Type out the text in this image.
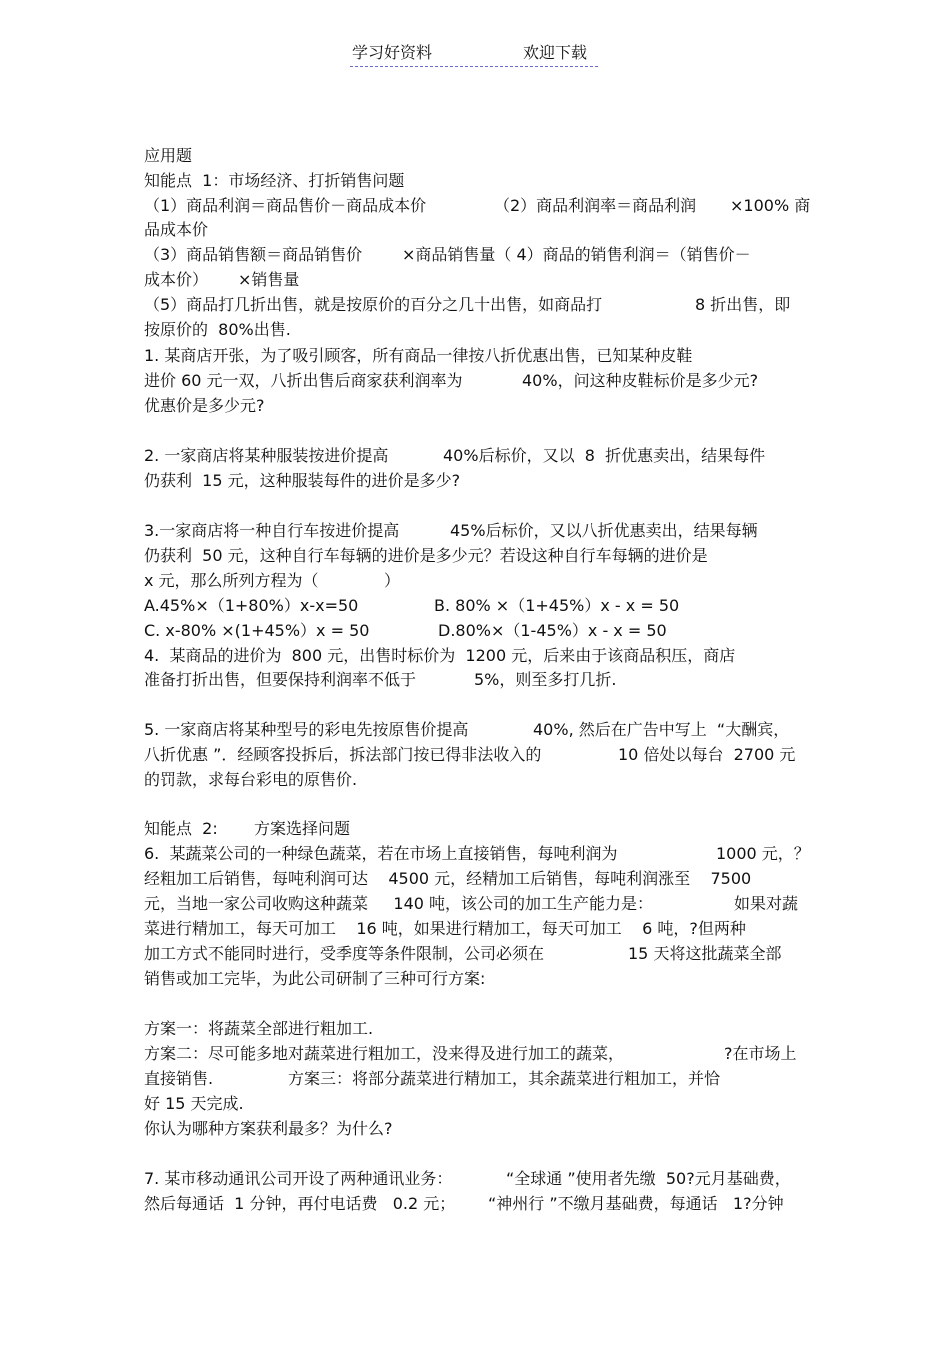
学习好资料	欢迎下载
应用题
知能点  1：市场经济、打折销售问题
（1）商品利润＝商品售价－商品成本价	（2）商品利润率＝商品利润 ×100% 商
品成本价
（3）商品销售额＝商品销售价 ×商品销售量（ 4）商品的销售利润＝（销售价－
成本价） ×销售量
（5）商品打几折出售，就是按原价的百分之几十出售，如商品打	8 折出售，即
按原价的  80%出售.
1. 某商店开张，为了吸引顾客，所有商品一律按八折优惠出售，已知某种皮鞋
进价 60 元一双，八折出售后商家获利润率为	40%，问这种皮鞋标价是多少元?
优惠价是多少元?
2. 一家商店将某种服装按进价提高	40%后标价，又以  8  折优惠卖出，结果每件
仍获利  15 元，这种服装每件的进价是多少?
3.一家商店将一种自行车按进价提高	45%后标价，又以八折优惠卖出，结果每辆
仍获利  50 元，这种自行车每辆的进价是多少元？若设这种自行车每辆的进价是
x 元，那么所列方程为（	）
A.45%×（1+80%）x-x=50	B. 80% ×（1+45%）x - x = 50
C. x-80% ×(1+45%）x = 50	D.80%×（1-45%）x - x = 50
4.  某商品的进价为  800 元，出售时标价为  1200 元，后来由于该商品积压，商店
准备打折出售，但要保持利润率不低于	5%，则至多打几折.
5. 一家商店将某种型号的彩电先按原售价提高	40%, 然后在广告中写上  “大酬宾，
八折优惠 ”．经顾客投拆后，拆法部门按已得非法收入的	10 倍处以每台  2700 元
的罚款，求每台彩电的原售价.
知能点  2: 方案选择问题
6.  某蔬菜公司的一种绿色蔬菜，若在市场上直接销售，每吨利润为	1000 元，？
经粗加工后销售，每吨利润可达    4500 元，经精加工后销售，每吨利润涨至    7500
元，当地一家公司收购这种蔬菜     140 吨，该公司的加工生产能力是：	如果对蔬
菜进行精加工，每天可加工    16 吨，如果进行精加工，每天可加工    6 吨，?但两种
加工方式不能同时进行，受季度等条件限制，公司必须在	15 天将这批蔬菜全部
销售或加工完毕，为此公司研制了三种可行方案:
方案一：将蔬菜全部进行粗加工.
方案二：尽可能多地对蔬菜进行粗加工，没来得及进行加工的蔬菜，	?在市场上
直接销售.	方案三：将部分蔬菜进行精加工，其余蔬菜进行粗加工，并恰
好 15 天完成.
你认为哪种方案获利最多？为什么?
7. 某市移动通讯公司开设了两种通讯业务：	“全球通 ”使用者先缴  50?元月基础费，
然后每通话  1 分钟，再付电话费   0.2 元； “神州行 ”不缴月基础费，每通话   1?分钟
